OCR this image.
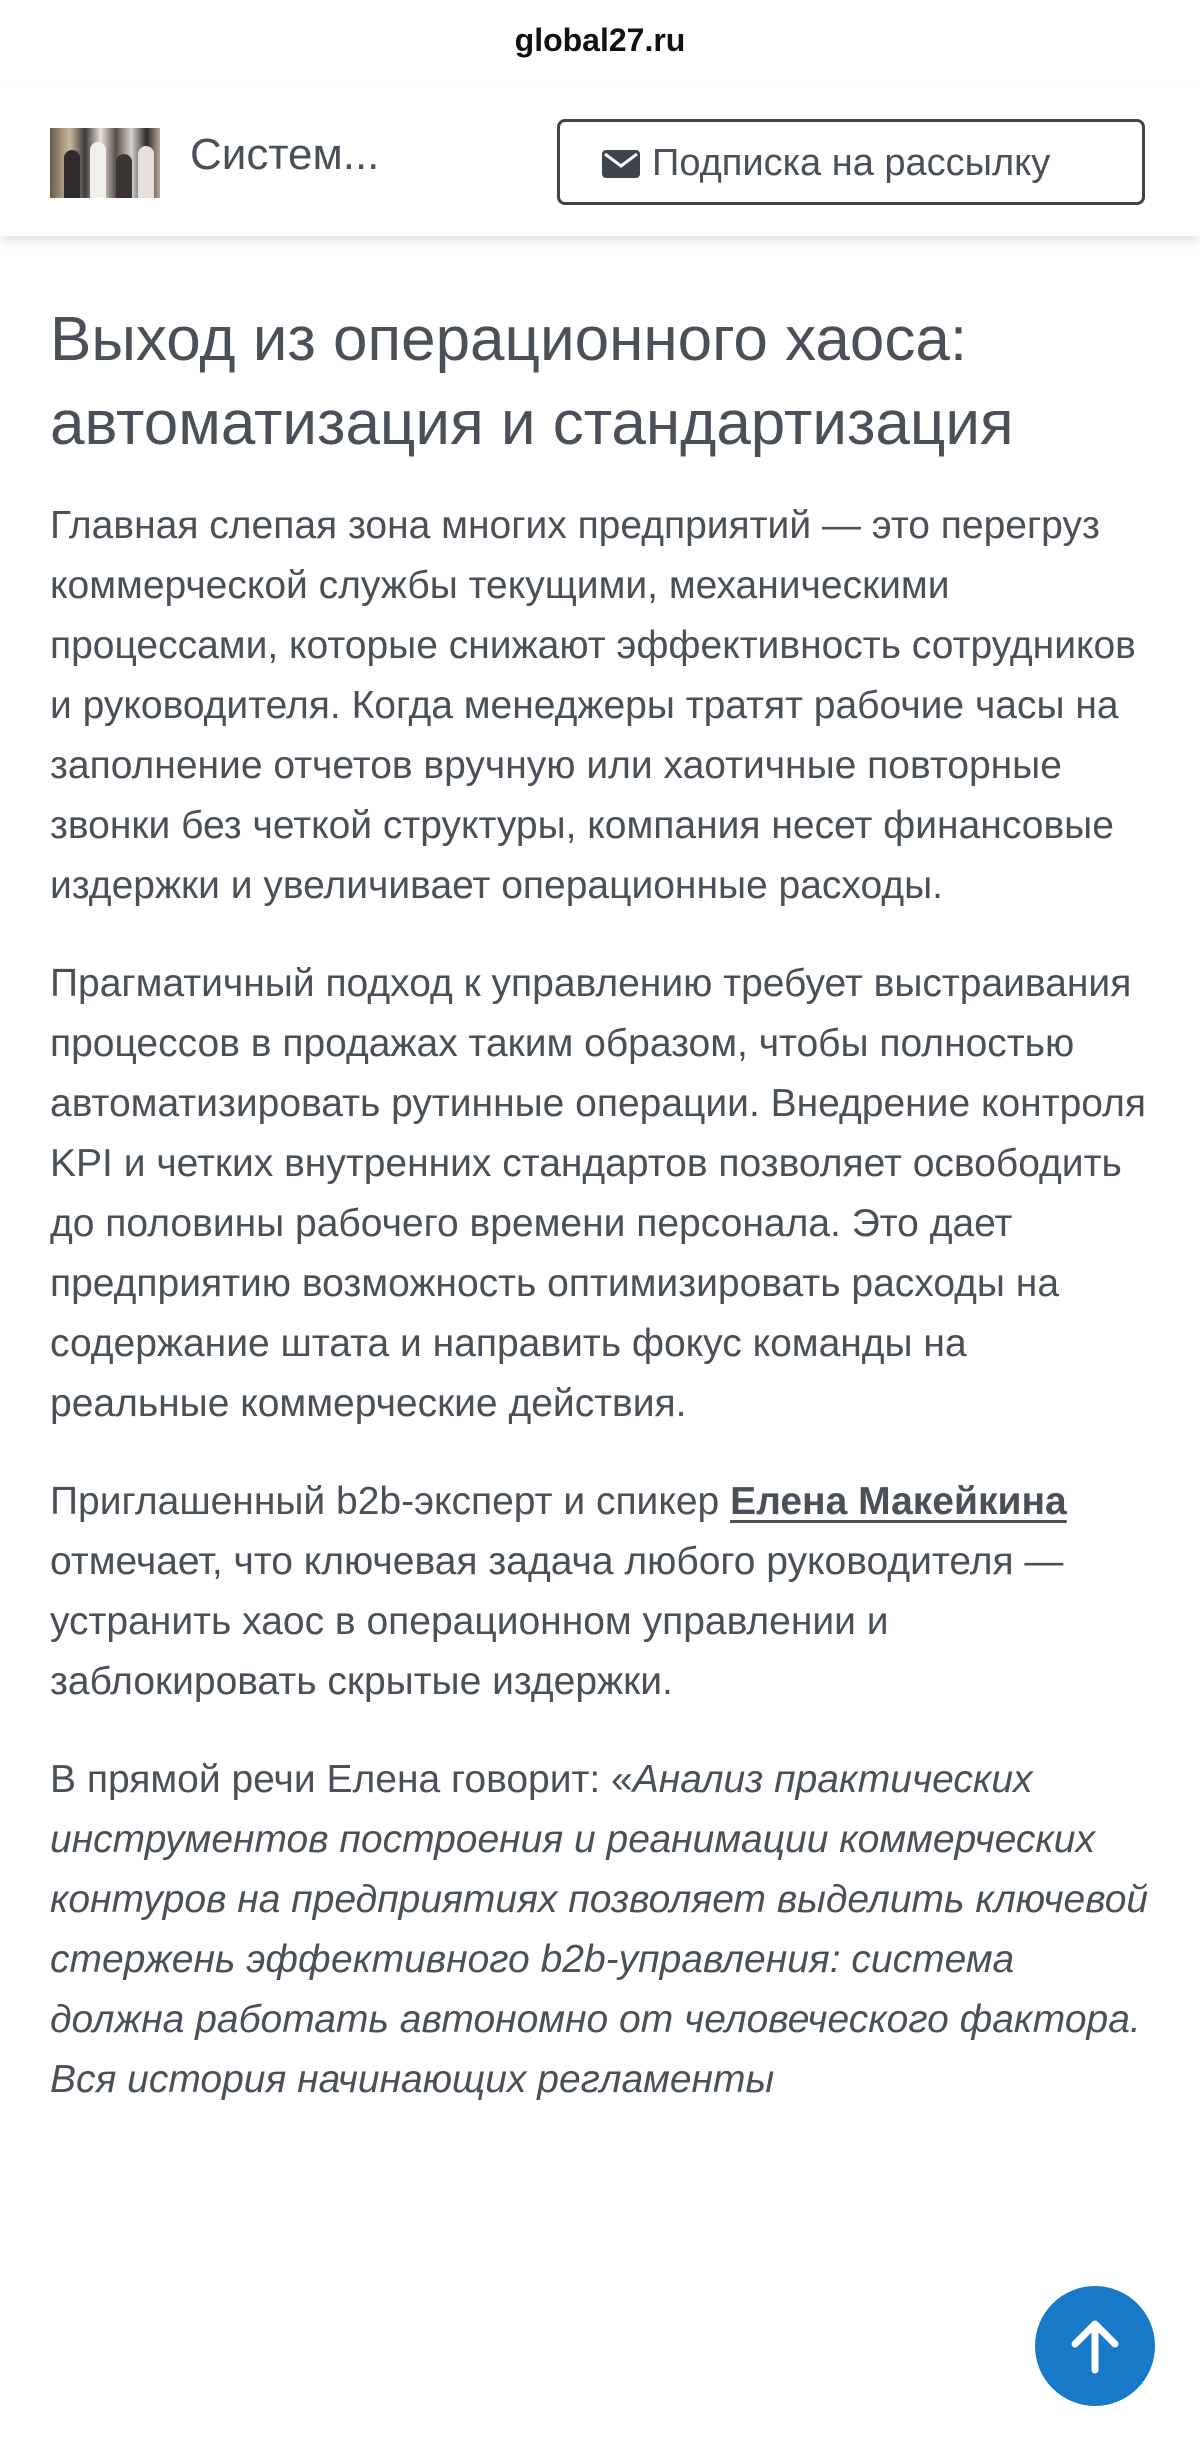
global27.ru
Систем...	Подписка на рассылку
Выход из операционного хаоса: автоматизация и стандартизация

Главная слепая зона многих предприятий — это перегруз коммерческой службы текущими, механическими процессами, которые снижают эффективность сотрудников и руководителя. Когда менеджеры тратят рабочие часы на заполнение отчетов вручную или хаотичные повторные звонки без четкой структуры, компания несет финансовые издержки и увеличивает операционные расходы.

Прагматичный подход к управлению требует выстраивания процессов в продажах таким образом, чтобы полностью автоматизировать рутинные операции. Внедрение контроля KPI и четких внутренних стандартов позволяет освободить до половины рабочего времени персонала. Это дает предприятию возможность оптимизировать расходы на содержание штата и направить фокус команды на реальные коммерческие действия.

Приглашенный b2b-эксперт и спикер Елена Макейкина отмечает, что ключевая задача любого руководителя — устранить хаос в операционном управлении и заблокировать скрытые издержки.

В прямой речи Елена говорит: «Анализ практических инструментов построения и реанимации коммерческих контуров на предприятиях позволяет выделить ключевой стержень эффективного b2b-управления: система должна работать автономно от человеческого фактора. Вся история начинающих регламенты
